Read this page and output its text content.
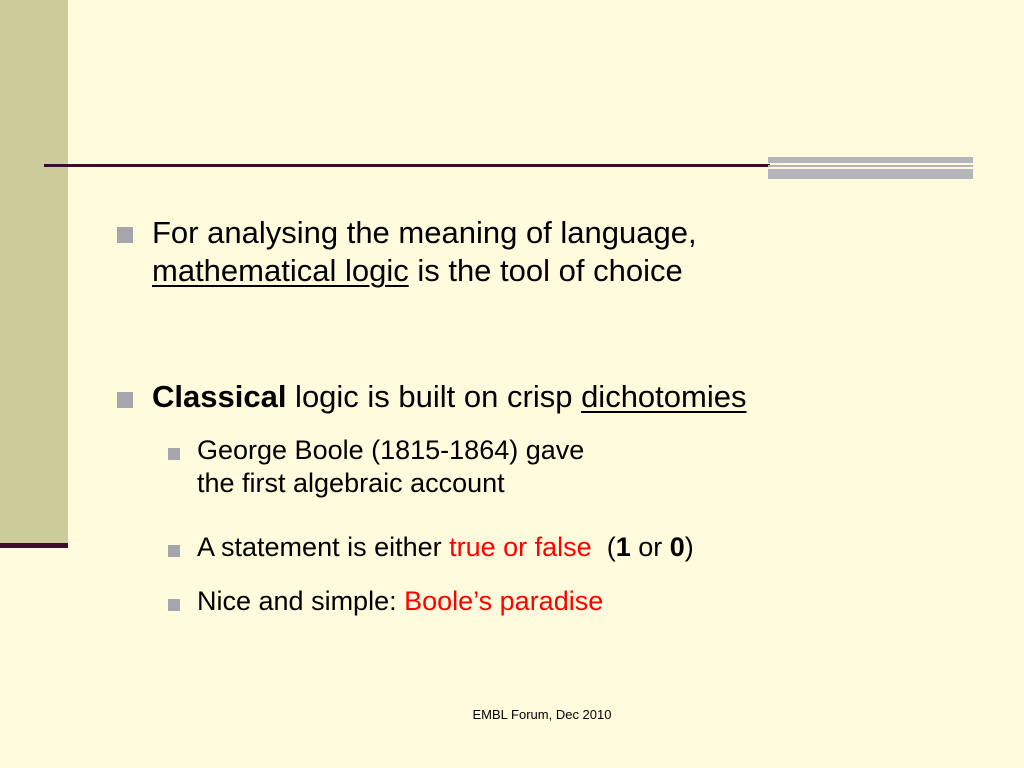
For analysing the meaning of language,
mathematical logic is the tool of choice

Classical logic is built on crisp dichotomies

George Boole (1815-1864) gave
the first algebraic account

A statement is either true or false  (1 or 0)

Nice and simple: Boole’s paradise

EMBL Forum, Dec 2010
